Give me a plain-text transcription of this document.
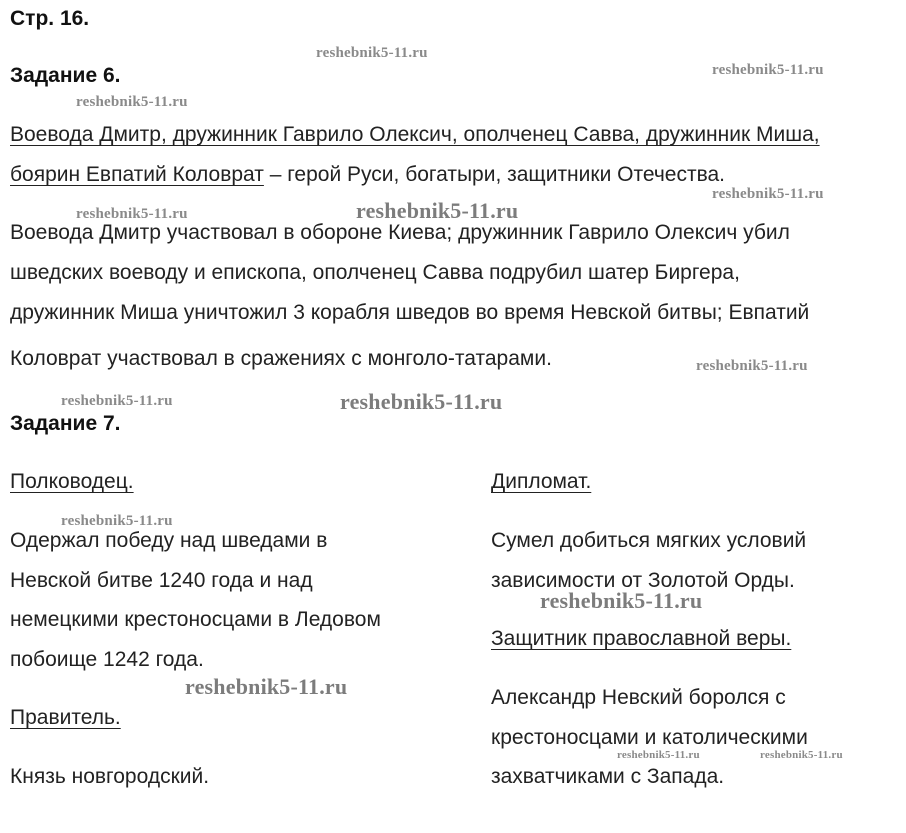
Стр. 16.
Задание 6.
Воевода Дмитр, дружинник Гаврило Олексич, ополченец Савва, дружинник Миша,
боярин Евпатий Коловрат – герой Руси, богатыри, защитники Отечества.
Воевода Дмитр участвовал в обороне Киева; дружинник Гаврило Олексич убил
шведских воеводу и епископа, ополченец Савва подрубил шатер Биргера,
дружинник Миша уничтожил 3 корабля шведов во время Невской битвы; Евпатий
Коловрат участвовал в сражениях с монголо-татарами.
Задание 7.
Полководец.
Одержал победу над шведами в
Невской битве 1240 года и над
немецкими крестоносцами в Ледовом
побоище 1242 года.
Правитель.
Князь новгородский.
Дипломат.
Сумел добиться мягких условий
зависимости от Золотой Орды.
Защитник православной веры.
Александр Невский боролся с
крестоносцами и католическими
захватчиками с Запада.
reshebnik5-11.ru
reshebnik5-11.ru
reshebnik5-11.ru
reshebnik5-11.ru
reshebnik5-11.ru	reshebnik5-11.ru
reshebnik5-11.ru
reshebnik5-11.ru	reshebnik5-11.ru
reshebnik5-11.ru
reshebnik5-11.ru
reshebnik5-11.ru
reshebnik5-11.ru	reshebnik5-11.ru
